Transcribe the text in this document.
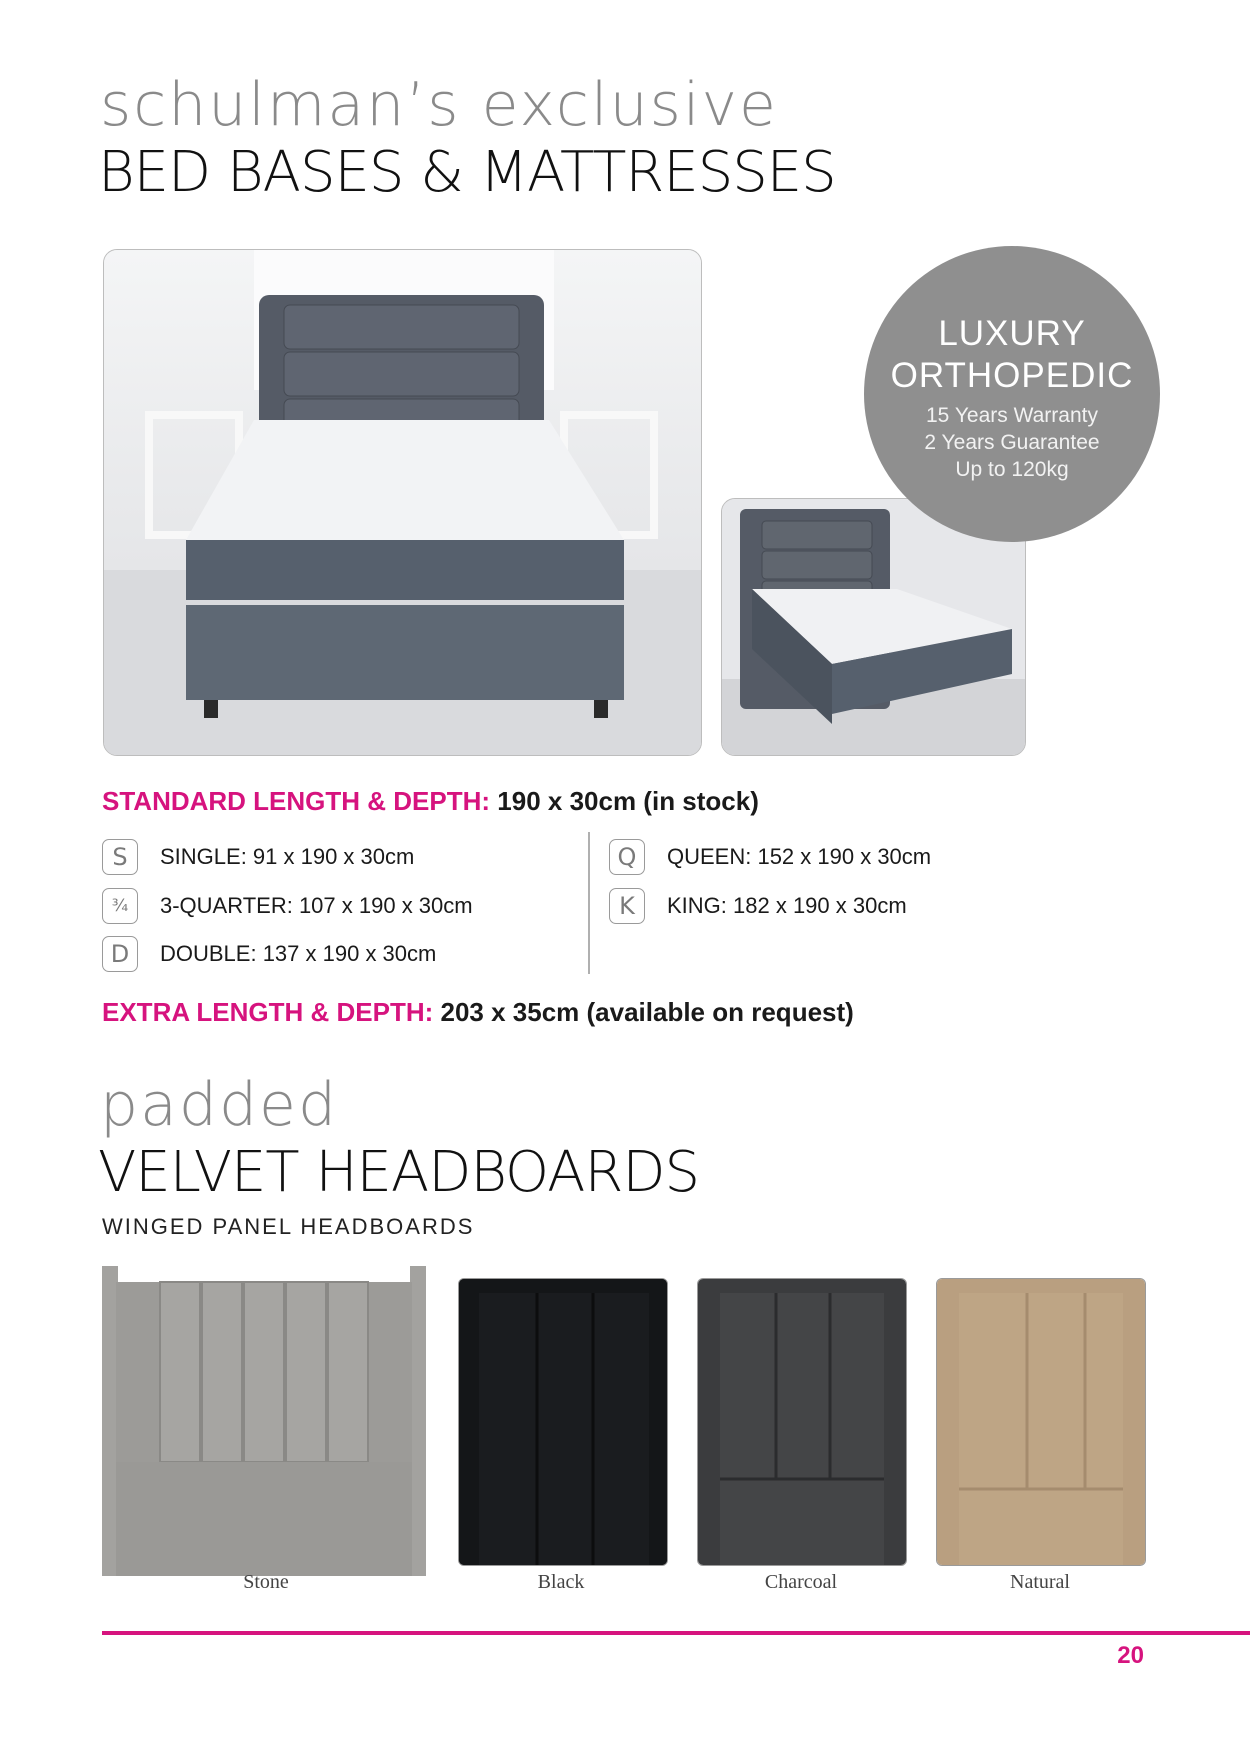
schulman’s exclusive
BED BASES & MATTRESSES
LUXURY
ORTHOPEDIC
15 Years Warranty
2 Years Guarantee
Up to 120kg
STANDARD LENGTH & DEPTH: 190 x 30cm (in stock)
S	SINGLE: 91 x 190 x 30cm
¾	3-QUARTER: 107 x 190 x 30cm
D	DOUBLE: 137 x 190 x 30cm
Q	QUEEN: 152 x 190 x 30cm
K	KING: 182 x 190 x 30cm
EXTRA LENGTH & DEPTH: 203 x 35cm (available on request)
padded
VELVET HEADBOARDS
WINGED PANEL HEADBOARDS
Stone	Black	Charcoal	Natural
20
